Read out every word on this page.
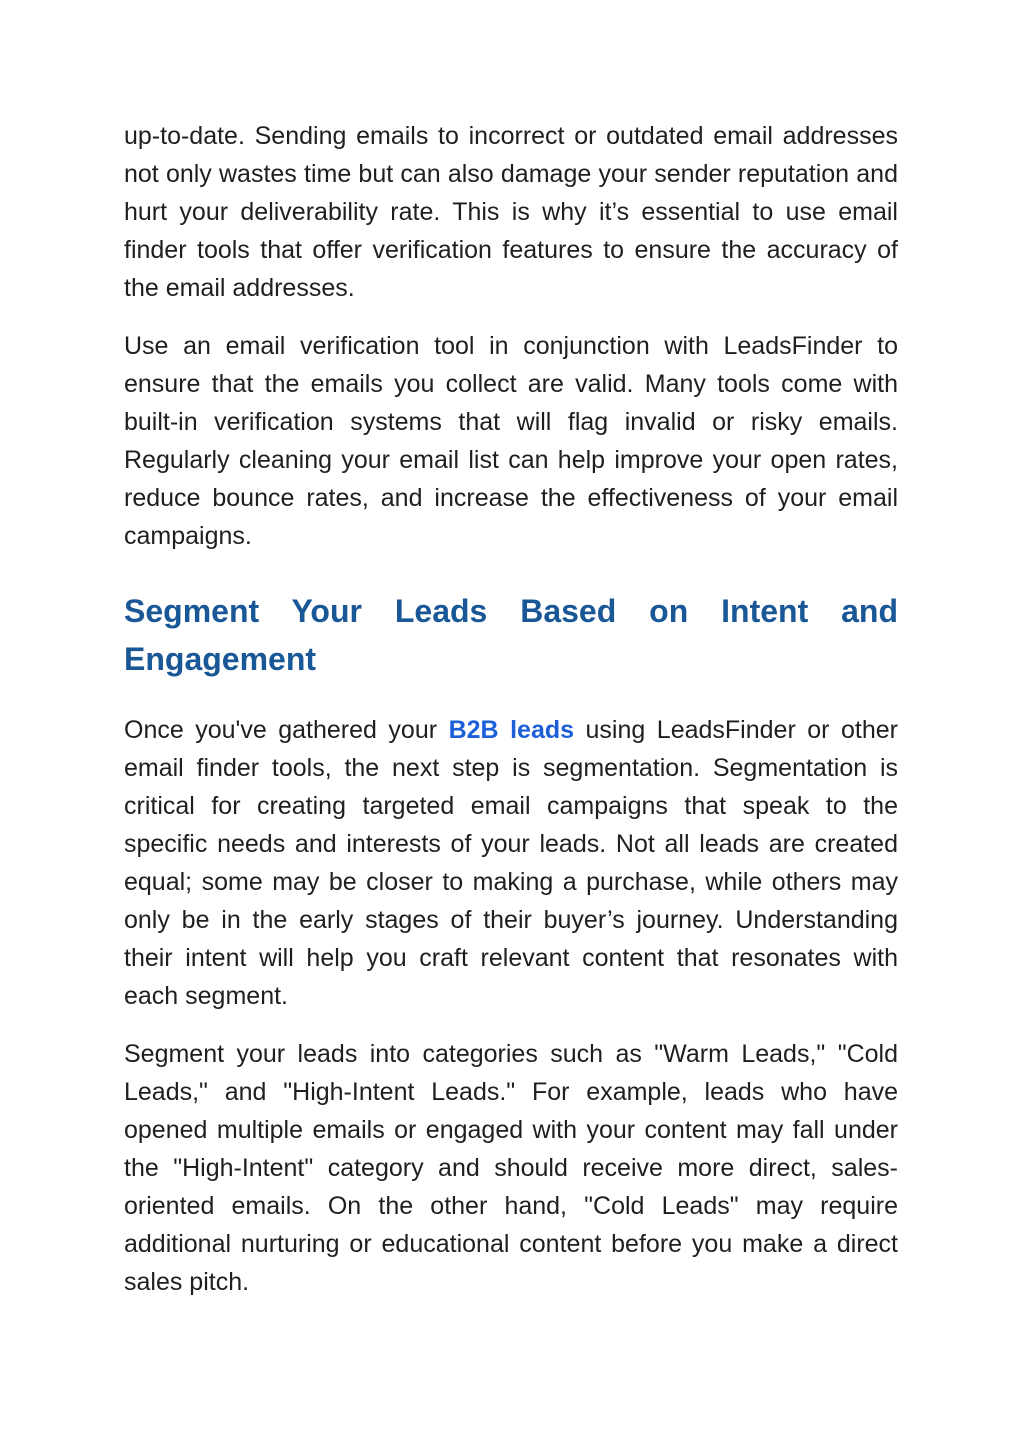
up-to-date. Sending emails to incorrect or outdated email addresses not only wastes time but can also damage your sender reputation and hurt your deliverability rate. This is why it’s essential to use email finder tools that offer verification features to ensure the accuracy of the email addresses.

Use an email verification tool in conjunction with LeadsFinder to ensure that the emails you collect are valid. Many tools come with built-in verification systems that will flag invalid or risky emails. Regularly cleaning your email list can help improve your open rates, reduce bounce rates, and increase the effectiveness of your email campaigns.

Segment Your Leads Based on Intent and Engagement

Once you've gathered your B2B leads using LeadsFinder or other email finder tools, the next step is segmentation. Segmentation is critical for creating targeted email campaigns that speak to the specific needs and interests of your leads. Not all leads are created equal; some may be closer to making a purchase, while others may only be in the early stages of their buyer’s journey. Understanding their intent will help you craft relevant content that resonates with each segment.

Segment your leads into categories such as "Warm Leads," "Cold Leads," and "High-Intent Leads." For example, leads who have opened multiple emails or engaged with your content may fall under the "High-Intent" category and should receive more direct, sales-oriented emails. On the other hand, "Cold Leads" may require additional nurturing or educational content before you make a direct sales pitch.
